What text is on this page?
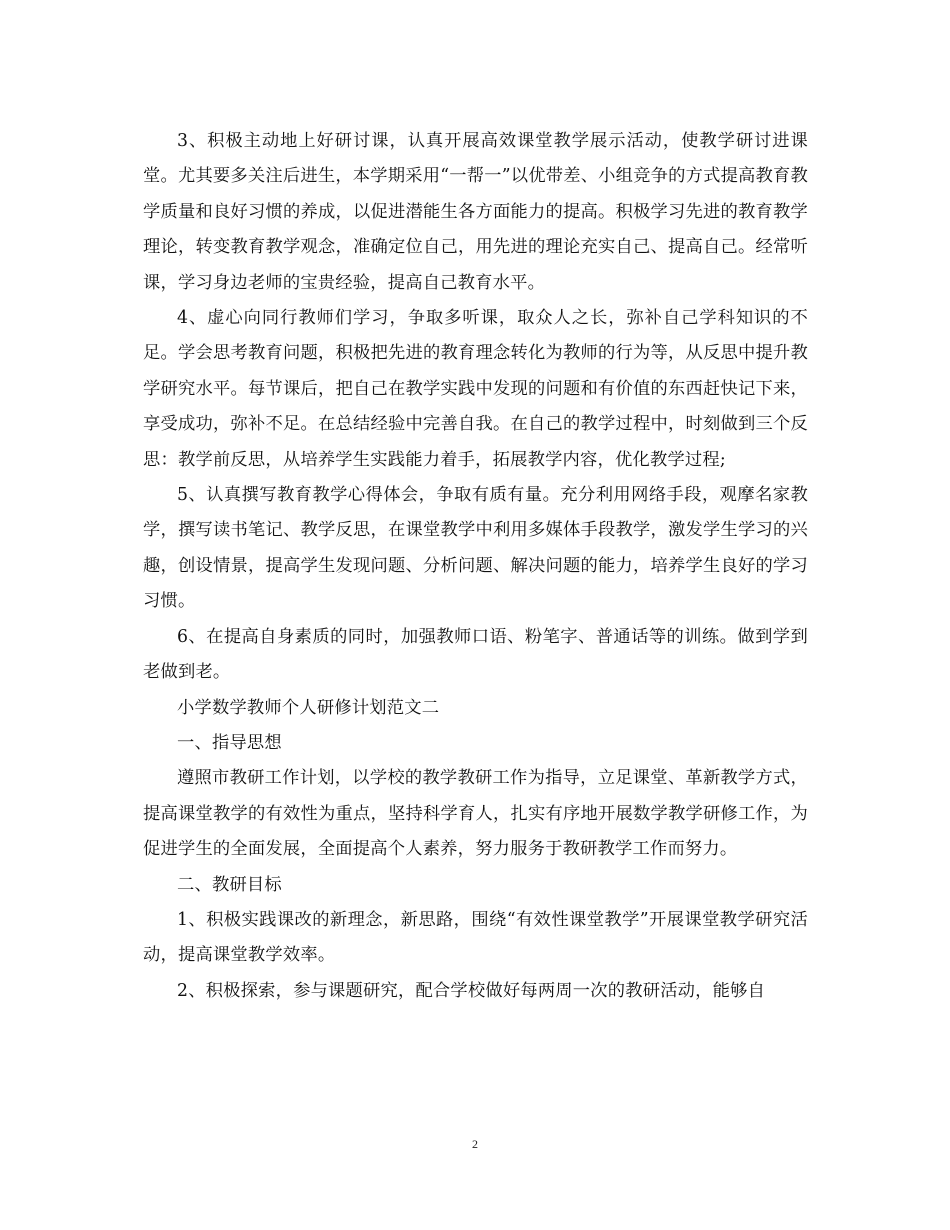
3、积极主动地上好研讨课，认真开展高效课堂教学展示活动，使教学研讨进课堂。尤其要多关注后进生，本学期采用“一帮一”以优带差、小组竞争的方式提高教育教学质量和良好习惯的养成，以促进潜能生各方面能力的提高。积极学习先进的教育教学理论，转变教育教学观念，准确定位自己，用先进的理论充实自己、提高自己。经常听课，学习身边老师的宝贵经验，提高自己教育水平。

4、虚心向同行教师们学习，争取多听课，取众人之长，弥补自己学科知识的不足。学会思考教育问题，积极把先进的教育理念转化为教师的行为等，从反思中提升教学研究水平。每节课后，把自己在教学实践中发现的问题和有价值的东西赶快记下来，享受成功，弥补不足。在总结经验中完善自我。在自己的教学过程中，时刻做到三个反思：教学前反思，从培养学生实践能力着手，拓展教学内容，优化教学过程;

5、认真撰写教育教学心得体会，争取有质有量。充分利用网络手段，观摩名家教学，撰写读书笔记、教学反思，在课堂教学中利用多媒体手段教学，激发学生学习的兴趣，创设情景，提高学生发现问题、分析问题、解决问题的能力，培养学生良好的学习习惯。

6、在提高自身素质的同时，加强教师口语、粉笔字、普通话等的训练。做到学到老做到老。

小学数学教师个人研修计划范文二

一、指导思想

遵照市教研工作计划，以学校的教学教研工作为指导，立足课堂、革新教学方式，提高课堂教学的有效性为重点，坚持科学育人，扎实有序地开展数学教学研修工作，为促进学生的全面发展，全面提高个人素养，努力服务于教研教学工作而努力。

二、教研目标

1、积极实践课改的新理念，新思路，围绕“有效性课堂教学”开展课堂教学研究活动，提高课堂教学效率。

2、积极探索，参与课题研究，配合学校做好每两周一次的教研活动，能够自

2
